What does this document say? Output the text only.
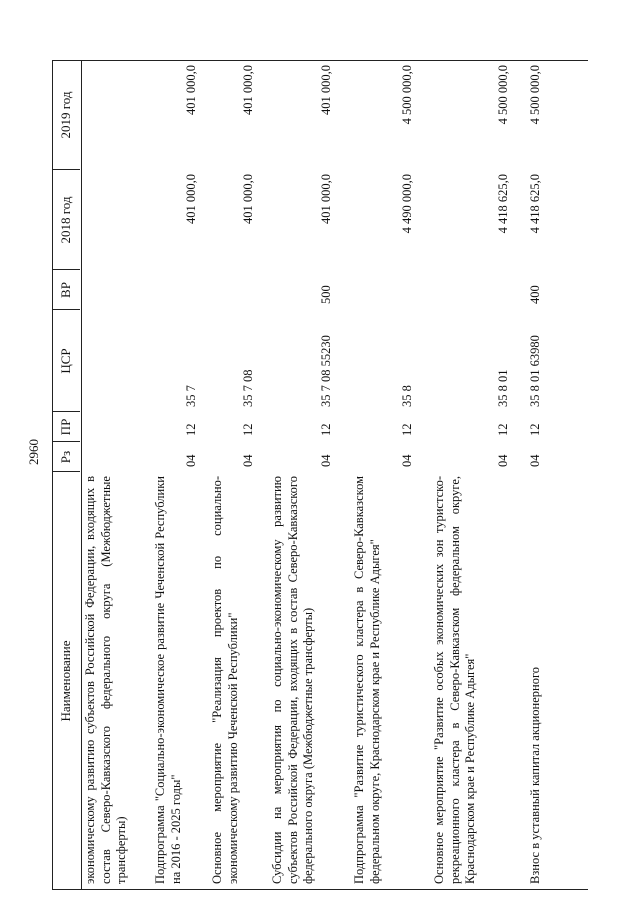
2960
Наименование
Рз
ПР
ЦСР
ВР
2018 год
2019 год
экономическому развитию субъектов Российской Федерации, входящих в состав Северо-Кавказского федерального округа (Межбюджетные трансферты) Подпрограмма "Социально-экономическое развитие Чеченской Республики на 2016 - 2025 годы"
04
12
35 7
401 000,0
401 000,0
Основное мероприятие "Реализация проектов по социально-экономическому развитию Чеченской Республики"
04
12
35 7 08
401 000,0
401 000,0
Субсидии на мероприятия по социально-экономическому развитию субъектов Российской Федерации, входящих в состав Северо-Кавказского федерального округа (Межбюджетные трансферты)
04
12
35 7 08 55230
500
401 000,0
401 000,0
Подпрограмма "Развитие туристического кластера в Северо-Кавказском федеральном округе, Краснодарском крае и Республике Адыгея"
04
12
35 8
4 490 000,0
4 500 000,0
Основное мероприятие "Развитие особых экономических зон туристско-рекреационного кластера в Северо-Кавказском федеральном округе, Краснодарском крае и Республике Адыгея"
04
12
35 8 01
4 418 625,0
4 500 000,0
Взнос в уставный капитал акционерного
04
12
35 8 01 63980
400
4 418 625,0
4 500 000,0
